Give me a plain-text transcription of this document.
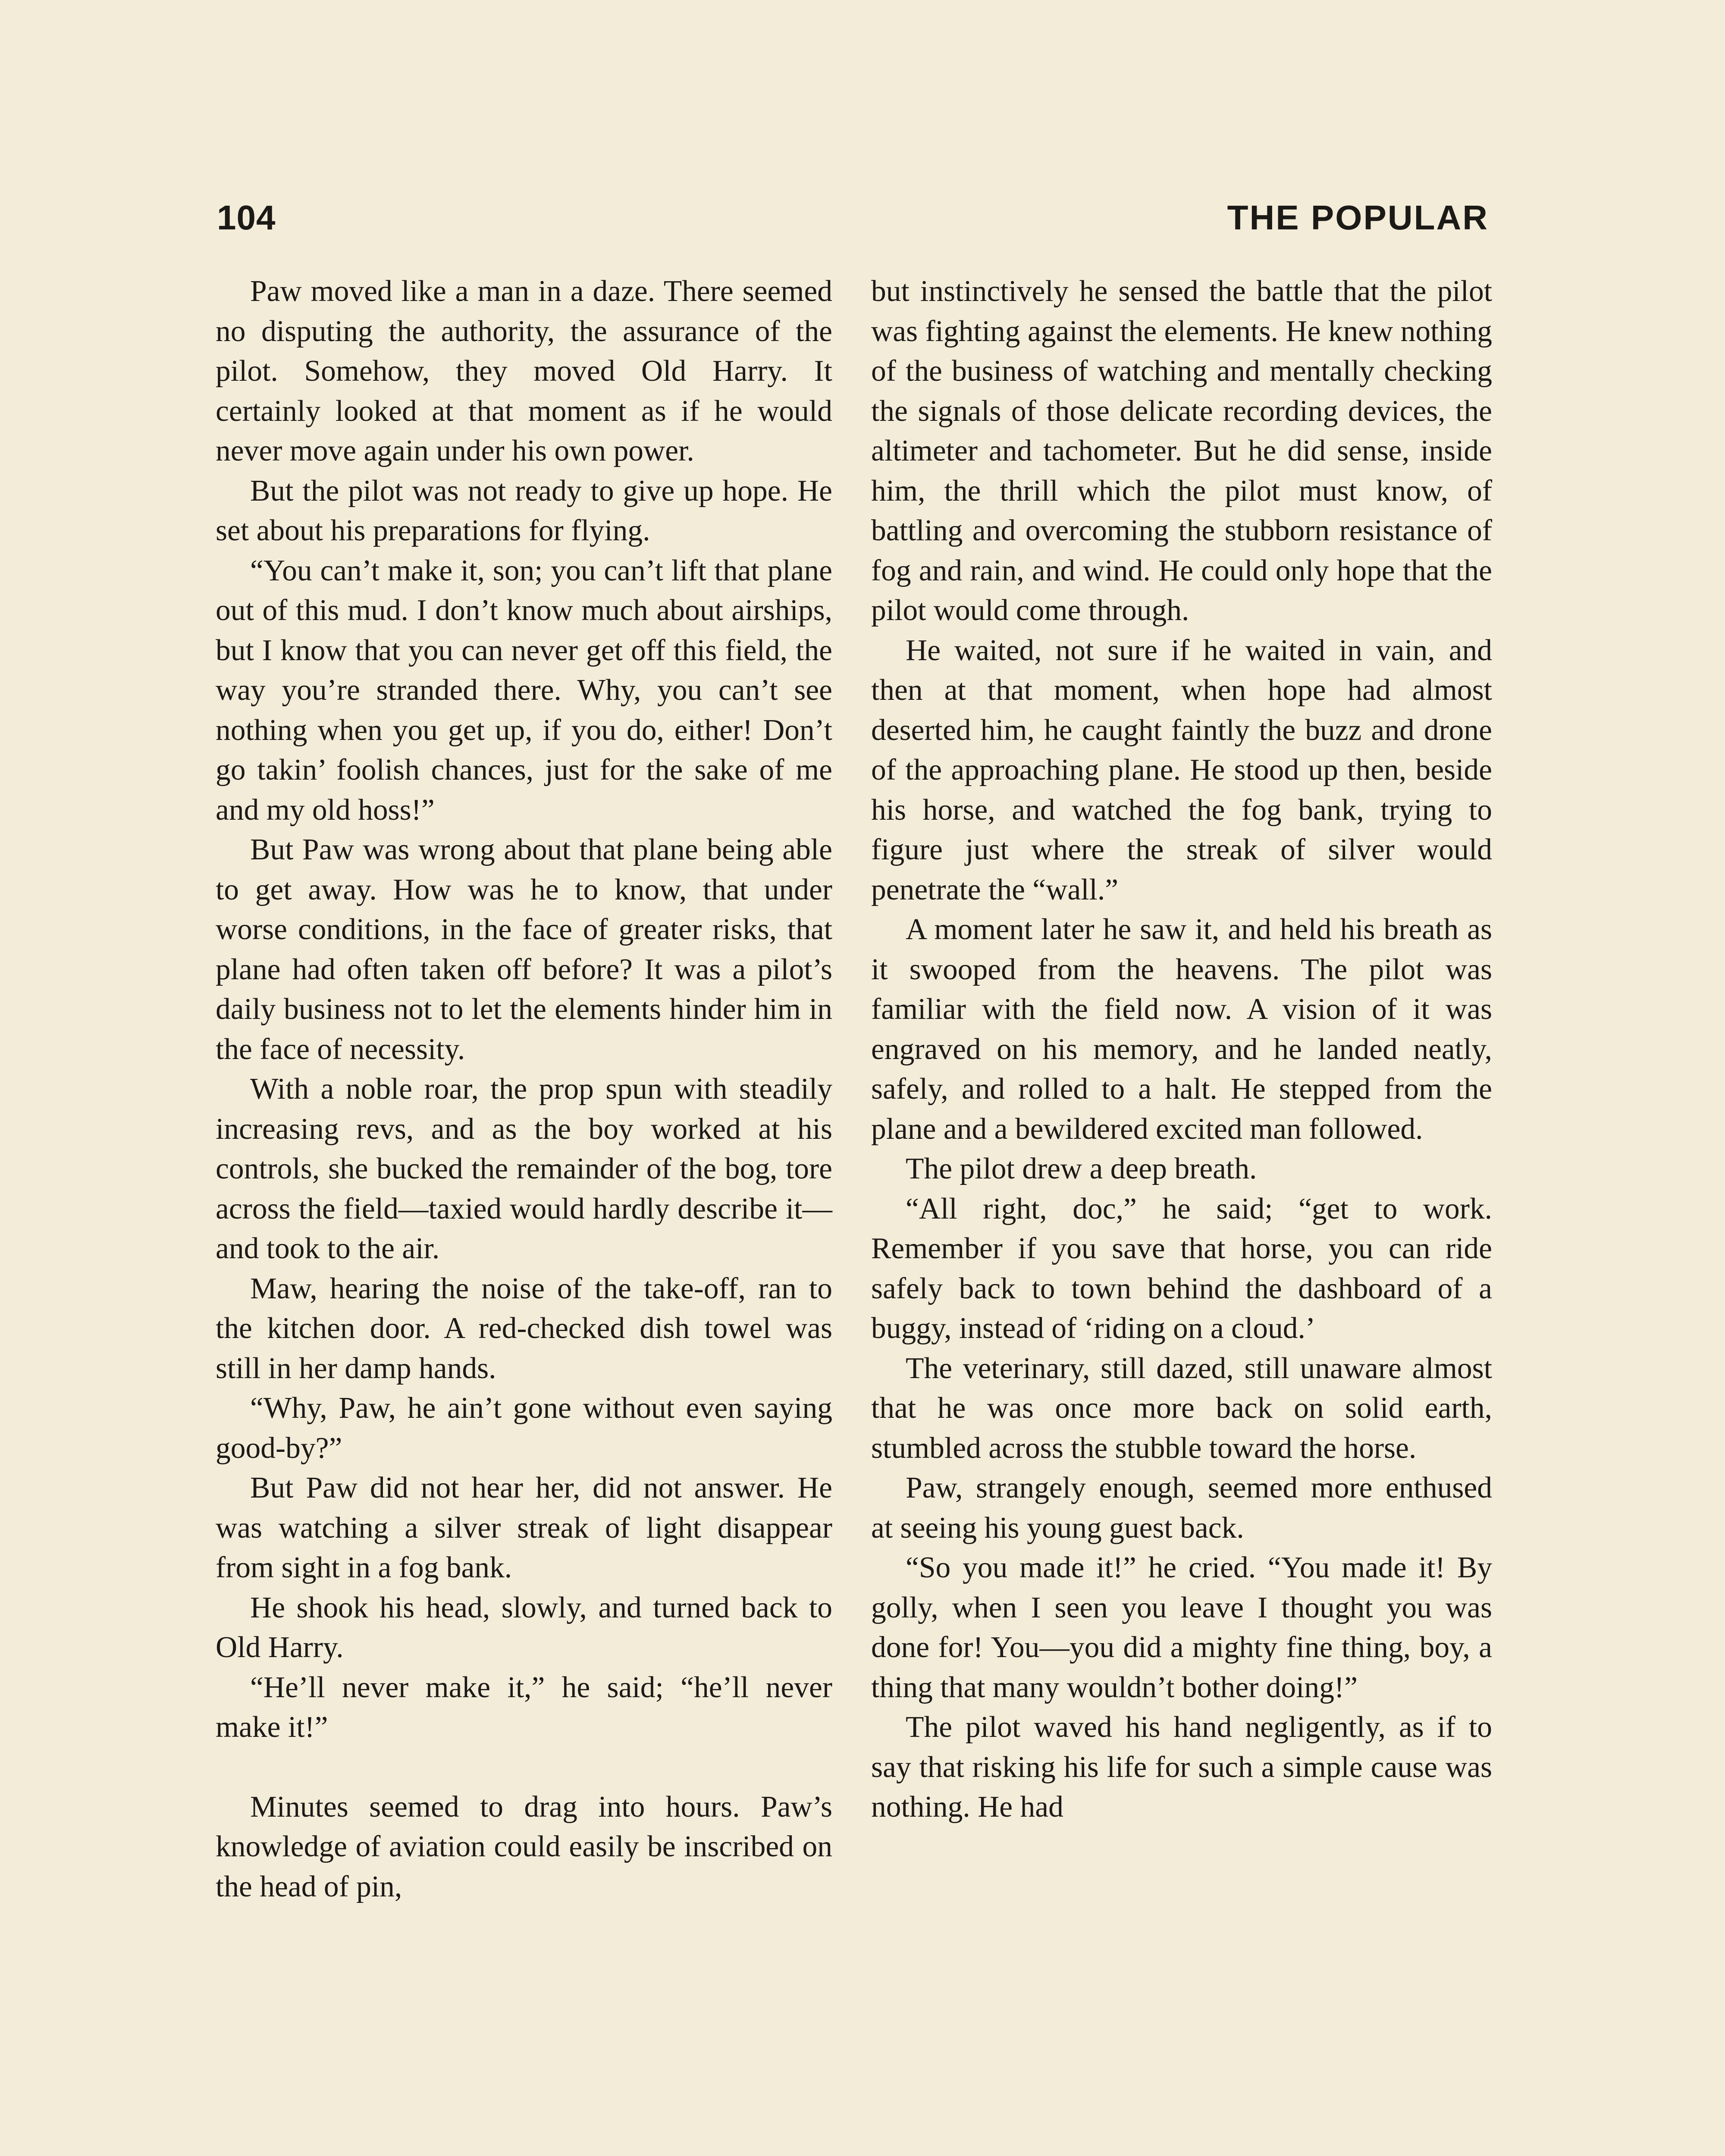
104	THE POPULAR

Paw moved like a man in a daze. There seemed no disputing the authority, the assurance of the pilot. Somehow, they moved Old Harry. It certainly looked at that moment as if he would never move again under his own power.

But the pilot was not ready to give up hope. He set about his preparations for flying.

“You can’t make it, son; you can’t lift that plane out of this mud. I don’t know much about airships, but I know that you can never get off this field, the way you’re stranded there. Why, you can’t see nothing when you get up, if you do, either! Don’t go takin’ foolish chances, just for the sake of me and my old hoss!”

But Paw was wrong about that plane being able to get away. How was he to know, that under worse conditions, in the face of greater risks, that plane had often taken off before? It was a pilot’s daily business not to let the elements hinder him in the face of necessity.

With a noble roar, the prop spun with steadily increasing revs, and as the boy worked at his controls, she bucked the remainder of the bog, tore across the field—taxied would hardly describe it—and took to the air.

Maw, hearing the noise of the take-off, ran to the kitchen door. A red-checked dish towel was still in her damp hands.

“Why, Paw, he ain’t gone without even saying good-by?”

But Paw did not hear her, did not answer. He was watching a silver streak of light disappear from sight in a fog bank.

He shook his head, slowly, and turned back to Old Harry.

“He’ll never make it,” he said; “he’ll never make it!”

Minutes seemed to drag into hours. Paw’s knowledge of aviation could easily be inscribed on the head of pin,

but instinctively he sensed the battle that the pilot was fighting against the elements. He knew nothing of the business of watching and mentally checking the signals of those delicate recording devices, the altimeter and tachometer. But he did sense, inside him, the thrill which the pilot must know, of battling and overcoming the stubborn resistance of fog and rain, and wind. He could only hope that the pilot would come through.

He waited, not sure if he waited in vain, and then at that moment, when hope had almost deserted him, he caught faintly the buzz and drone of the approaching plane. He stood up then, beside his horse, and watched the fog bank, trying to figure just where the streak of silver would penetrate the “wall.”

A moment later he saw it, and held his breath as it swooped from the heavens. The pilot was familiar with the field now. A vision of it was engraved on his memory, and he landed neatly, safely, and rolled to a halt. He stepped from the plane and a bewildered excited man followed.

The pilot drew a deep breath.

“All right, doc,” he said; “get to work. Remember if you save that horse, you can ride safely back to town behind the dashboard of a buggy, instead of ‘riding on a cloud.’

The veterinary, still dazed, still unaware almost that he was once more back on solid earth, stumbled across the stubble toward the horse.

Paw, strangely enough, seemed more enthused at seeing his young guest back.

“So you made it!” he cried. “You made it! By golly, when I seen you leave I thought you was done for! You—you did a mighty fine thing, boy, a thing that many wouldn’t bother doing!”

The pilot waved his hand negligently, as if to say that risking his life for such a simple cause was nothing. He had
